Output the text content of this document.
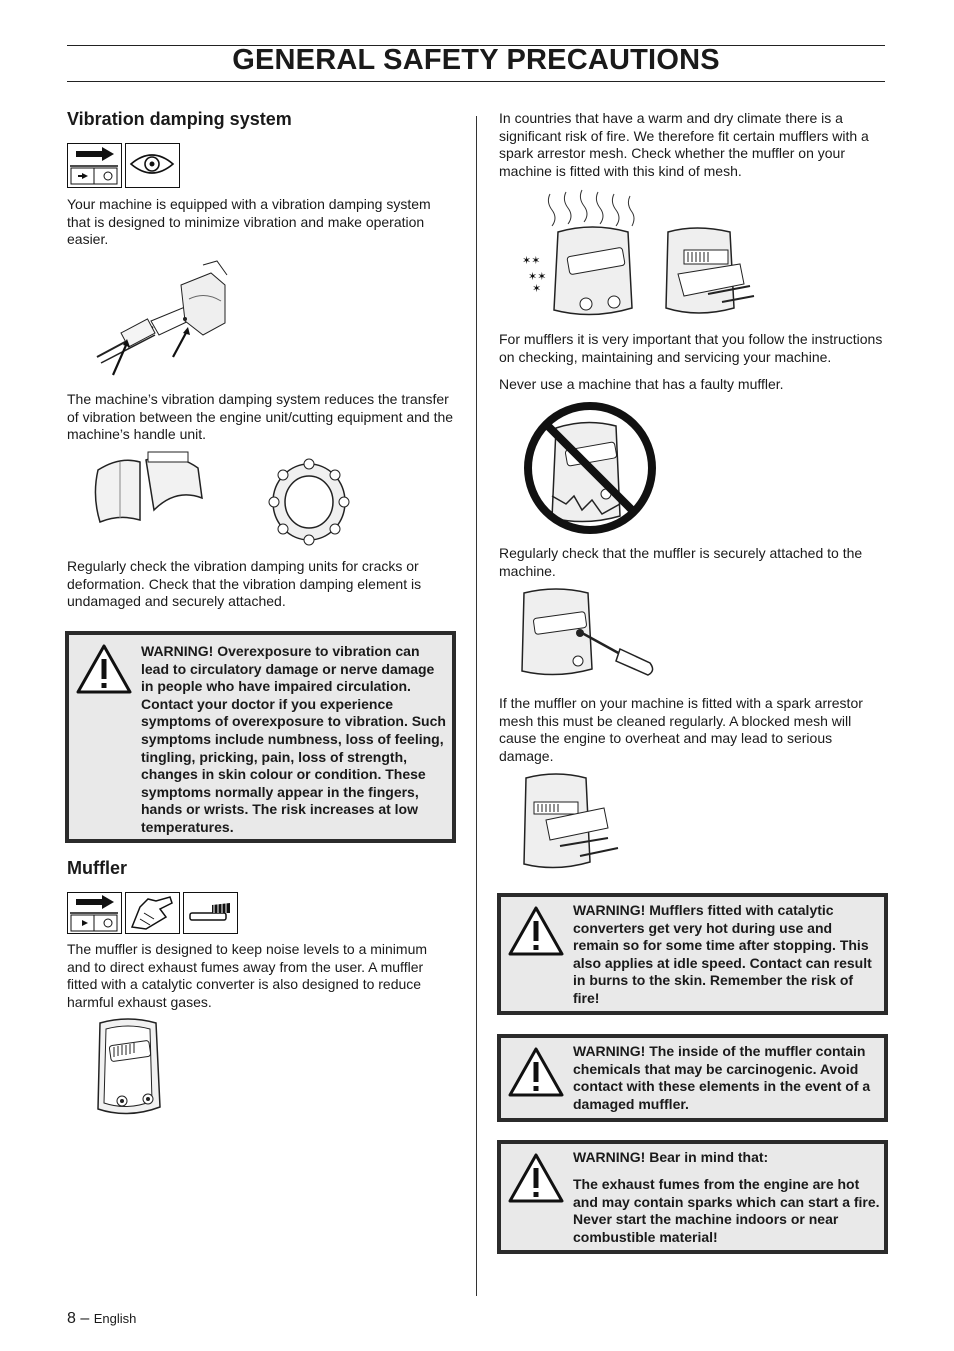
GENERAL SAFETY PRECAUTIONS
Vibration damping system
Your machine is equipped with a vibration damping system that is designed to minimize vibration and make operation easier.
The machine’s vibration damping system reduces the transfer of vibration between the engine unit/cutting equipment and the machine’s handle unit.
Regularly check the vibration damping units for cracks or deformation. Check that the vibration damping element is undamaged and securely attached.
WARNING! Overexposure to vibration can lead to circulatory damage or nerve damage in people who have impaired circulation. Contact your doctor if you experience symptoms of overexposure to vibration. Such symptoms include numbness, loss of feeling, tingling, pricking, pain, loss of strength, changes in skin colour or condition. These symptoms normally appear in the fingers, hands or wrists. The risk increases at low temperatures.
Muffler
The muffler is designed to keep noise levels to a minimum and to direct exhaust fumes away from the user. A muffler fitted with a catalytic converter is also designed to reduce harmful exhaust gases.
In countries that have a warm and dry climate there is a significant risk of fire. We therefore fit certain mufflers with a spark arrestor mesh. Check whether the muffler on your machine is fitted with this kind of mesh.
✶✶
✶✶
✶
For mufflers it is very important that you follow the instructions on checking, maintaining and servicing your machine.
Never use a machine that has a faulty muffler.
Regularly check that the muffler is securely attached to the machine.
If the muffler on your machine is fitted with a spark arrestor mesh this must be cleaned regularly. A blocked mesh will cause the engine to overheat and may lead to serious damage.
WARNING! Mufflers fitted with catalytic converters get very hot during use and remain so for some time after stopping. This also applies at idle speed. Contact can result in burns to the skin. Remember the risk of fire!
WARNING! The inside of the muffler contain chemicals that may be carcinogenic. Avoid contact with these elements in the event of a damaged muffler.
WARNING! Bear in mind that:
The exhaust fumes from the engine are hot and may contain sparks which can start a fire. Never start the machine indoors or near combustible material!
8 – English
